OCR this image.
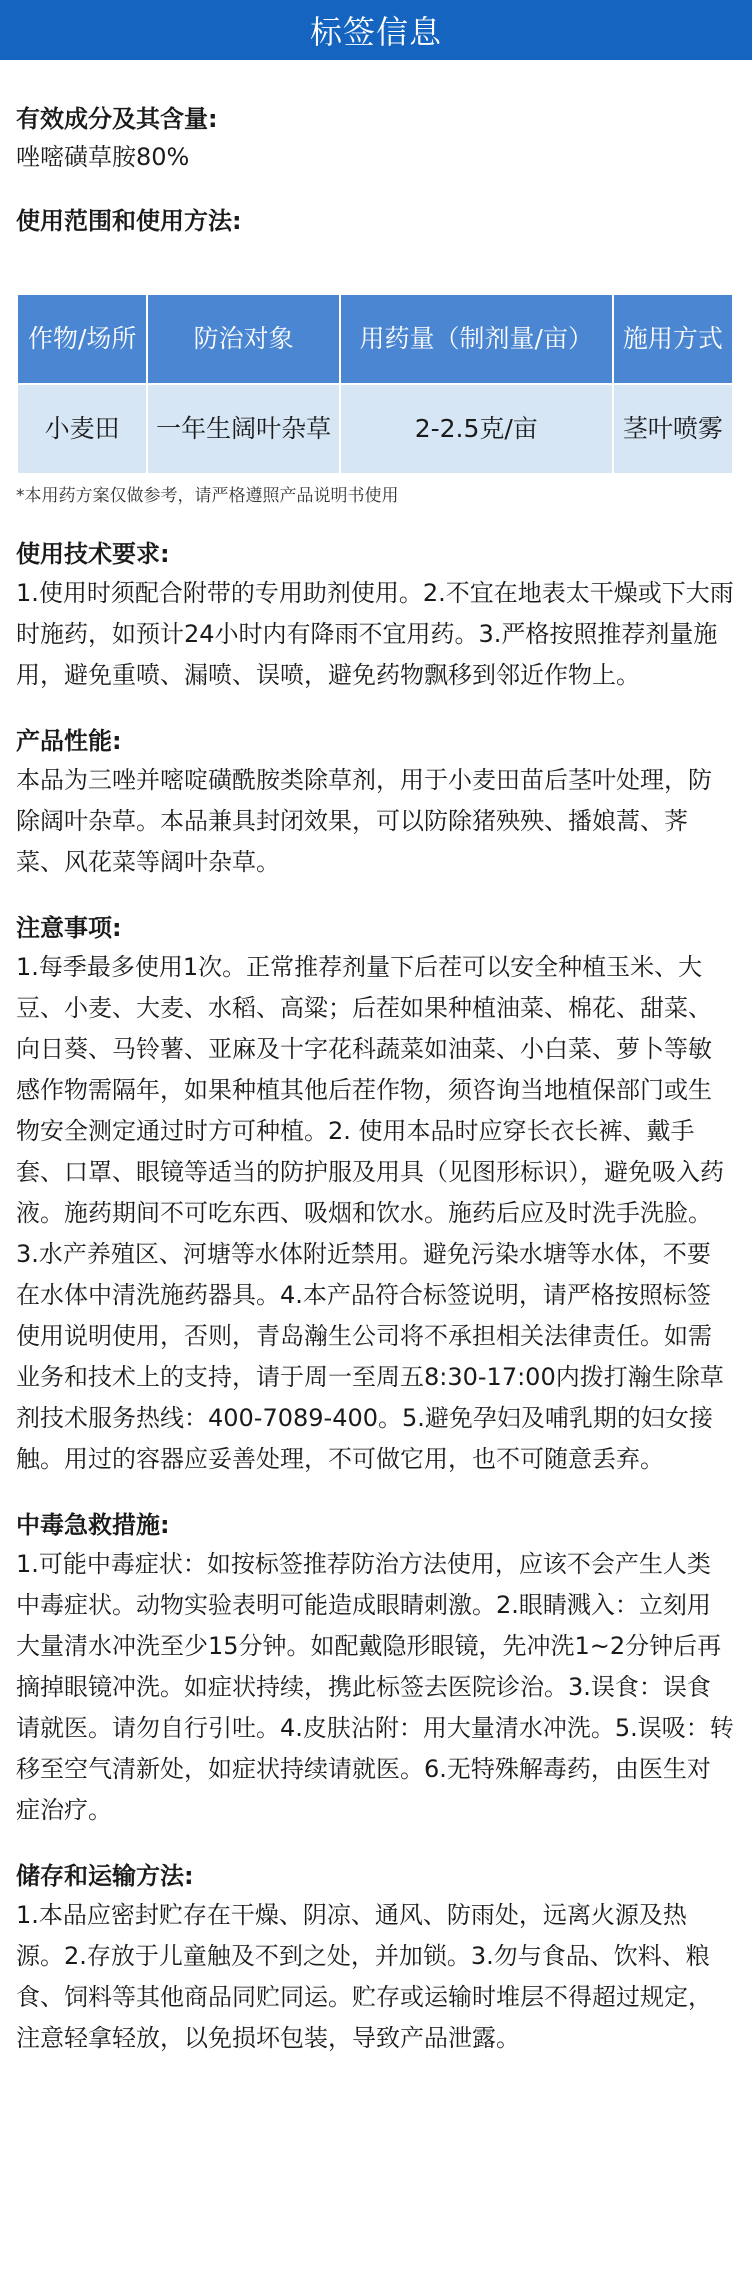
标签信息
有效成分及其含量:
唑嘧磺草胺80%
使用范围和使用方法:
作物/场所	防治对象	用药量（制剂量/亩）	施用方式
小麦田	一年生阔叶杂草	2-2.5克/亩	茎叶喷雾
*本用药方案仅做参考，请严格遵照产品说明书使用
使用技术要求:
1.使用时须配合附带的专用助剂使用。2.不宜在地表太干燥或下大雨时施药，如预计24小时内有降雨不宜用药。3.严格按照推荐剂量施用，避免重喷、漏喷、误喷，避免药物飘移到邻近作物上。
产品性能:
本品为三唑并嘧啶磺酰胺类除草剂，用于小麦田苗后茎叶处理，防除阔叶杂草。本品兼具封闭效果，可以防除猪殃殃、播娘蒿、荠菜、风花菜等阔叶杂草。
注意事项:
1.每季最多使用1次。正常推荐剂量下后茬可以安全种植玉米、大豆、小麦、大麦、水稻、高粱；后茬如果种植油菜、棉花、甜菜、向日葵、马铃薯、亚麻及十字花科蔬菜如油菜、小白菜、萝卜等敏感作物需隔年，如果种植其他后茬作物，须咨询当地植保部门或生物安全测定通过时方可种植。2. 使用本品时应穿长衣长裤、戴手套、口罩、眼镜等适当的防护服及用具（见图形标识），避免吸入药液。施药期间不可吃东西、吸烟和饮水。施药后应及时洗手洗脸。3.水产养殖区、河塘等水体附近禁用。避免污染水塘等水体，不要在水体中清洗施药器具。4.本产品符合标签说明，请严格按照标签使用说明使用，否则，青岛瀚生公司将不承担相关法律责任。如需业务和技术上的支持，请于周一至周五8:30-17:00内拨打瀚生除草剂技术服务热线：400-7089-400。5.避免孕妇及哺乳期的妇女接触。用过的容器应妥善处理，不可做它用，也不可随意丢弃。
中毒急救措施:
1.可能中毒症状：如按标签推荐防治方法使用，应该不会产生人类中毒症状。动物实验表明可能造成眼睛刺激。2.眼睛溅入：立刻用大量清水冲洗至少15分钟。如配戴隐形眼镜，先冲洗1~2分钟后再摘掉眼镜冲洗。如症状持续，携此标签去医院诊治。3.误食：误食请就医。请勿自行引吐。4.皮肤沾附：用大量清水冲洗。5.误吸：转移至空气清新处，如症状持续请就医。6.无特殊解毒药，由医生对症治疗。
储存和运输方法:
1.本品应密封贮存在干燥、阴凉、通风、防雨处，远离火源及热源。2.存放于儿童触及不到之处，并加锁。3.勿与食品、饮料、粮食、饲料等其他商品同贮同运。贮存或运输时堆层不得超过规定，注意轻拿轻放，以免损坏包装，导致产品泄露。
